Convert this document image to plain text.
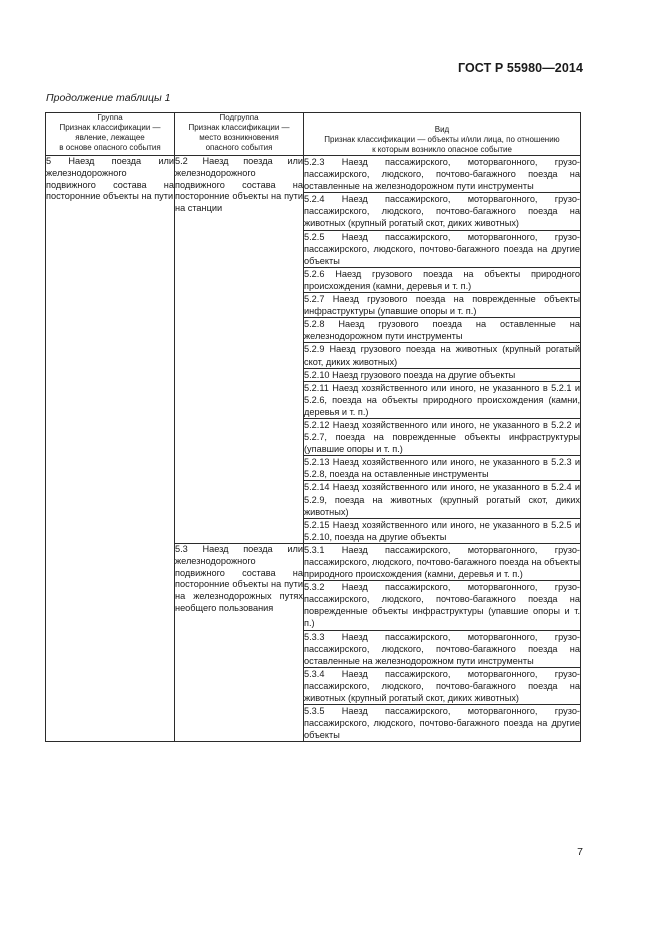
ГОСТ Р 55980—2014
Продолжение таблицы 1
Группа
Признак классификации —
явление, лежащее
в основе опасного события	Подгруппа
Признак классификации —
место возникновения
опасного события	Вид
Признак классификации — объекты и/или лица, по отношению
к которым возникло опасное событие

5 Наезд поезда или железнодорожного подвижного состава на посторонние объекты на пути	5.2 Наезд поезда или железнодорожного подвижного состава на посторонние объекты на пути на станции	5.2.3 Наезд пассажирского, моторвагонного, грузо-пассажирского, людского, почтово-багажного поезда на оставленные на железнодорожном пути инструменты
		5.2.4 Наезд пассажирского, моторвагонного, грузо-пассажирского, людского, почтово-багажного поезда на животных (крупный рогатый скот, диких животных)
		5.2.5 Наезд пассажирского, моторвагонного, грузо-пассажирского, людского, почтово-багажного поезда на другие объекты
		5.2.6 Наезд грузового поезда на объекты природного происхождения (камни, деревья и т. п.)
		5.2.7 Наезд грузового поезда на поврежденные объекты инфраструктуры (упавшие опоры и т. п.)
		5.2.8 Наезд грузового поезда на оставленные на железнодорожном пути инструменты
		5.2.9 Наезд грузового поезда на животных (крупный рогатый скот, диких животных)
		5.2.10 Наезд грузового поезда на другие объекты
		5.2.11 Наезд хозяйственного или иного, не указанного в 5.2.1 и 5.2.6, поезда на объекты природного происхождения (камни, деревья и т. п.)
		5.2.12 Наезд хозяйственного или иного, не указанного в 5.2.2 и 5.2.7, поезда на поврежденные объекты инфраструктуры (упавшие опоры и т. п.)
		5.2.13 Наезд хозяйственного или иного, не указанного в 5.2.3 и 5.2.8, поезда на оставленные инструменты
		5.2.14 Наезд хозяйственного или иного, не указанного в 5.2.4 и 5.2.9, поезда на животных (крупный рогатый скот, диких животных)
		5.2.15 Наезд хозяйственного или иного, не указанного в 5.2.5 и 5.2.10, поезда на другие объекты
	5.3 Наезд поезда или железнодорожного подвижного состава на посторонние объекты на пути на железнодорожных путях необщего пользования	5.3.1 Наезд пассажирского, моторвагонного, грузо-пассажирского, людского, почтово-багажного поезда на объекты природного происхождения (камни, деревья и т. п.)
		5.3.2 Наезд пассажирского, моторвагонного, грузо-пассажирского, людского, почтово-багажного поезда на поврежденные объекты инфраструктуры (упавшие опоры и т. п.)
		5.3.3 Наезд пассажирского, моторвагонного, грузо-пассажирского, людского, почтово-багажного поезда на оставленные на железнодорожном пути инструменты
		5.3.4 Наезд пассажирского, моторвагонного, грузо-пассажирского, людского, почтово-багажного поезда на животных (крупный рогатый скот, диких животных)
		5.3.5 Наезд пассажирского, моторвагонного, грузо-пассажирского, людского, почтово-багажного поезда на другие объекты
7
